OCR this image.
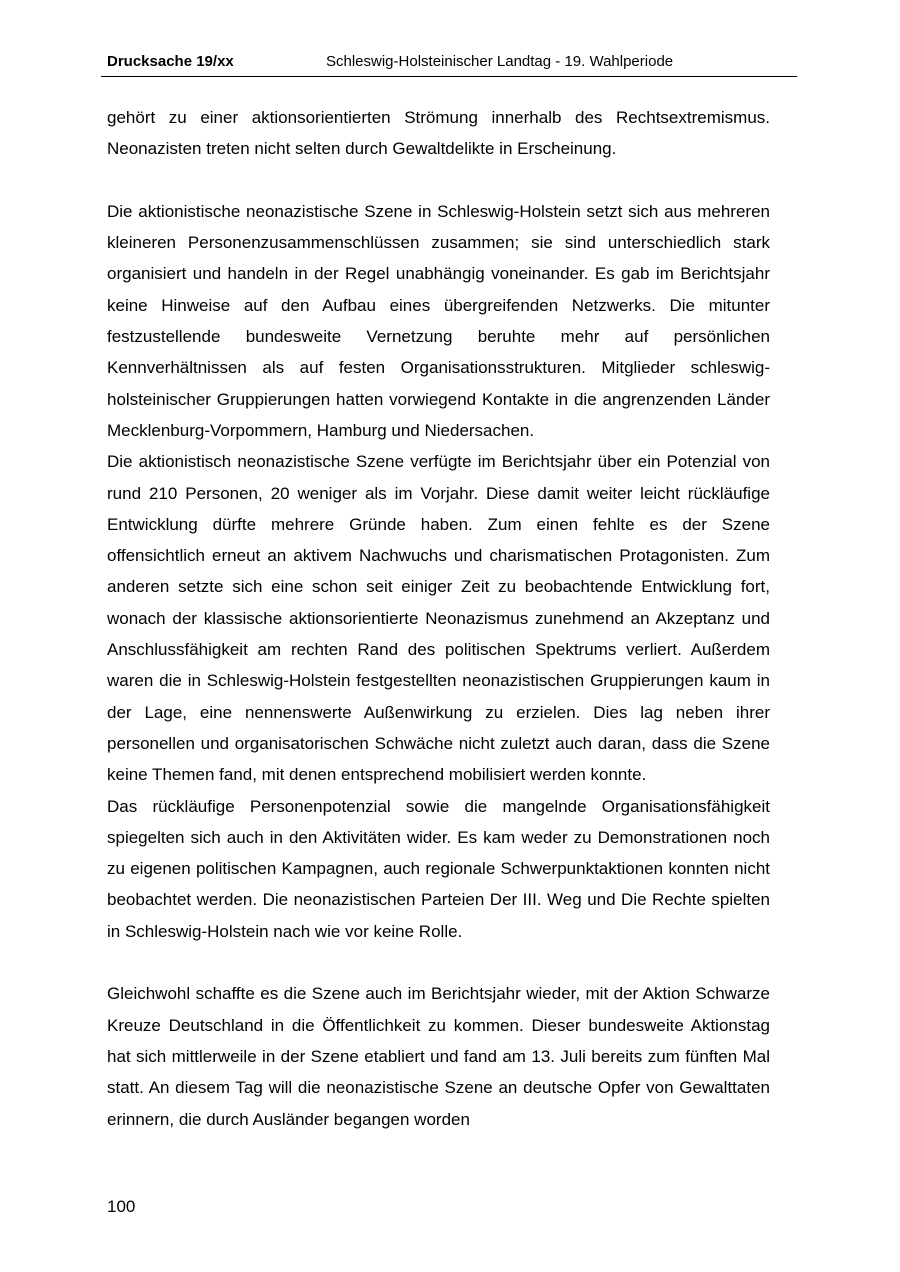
Drucksache 19/xx	Schleswig-Holsteinischer Landtag - 19. Wahlperiode

gehört zu einer aktionsorientierten Strömung innerhalb des Rechtsextremismus. Neonazisten treten nicht selten durch Gewaltdelikte in Erscheinung.

Die aktionistische neonazistische Szene in Schleswig-Holstein setzt sich aus mehreren kleineren Personenzusammenschlüssen zusammen; sie sind unterschiedlich stark organisiert und handeln in der Regel unabhängig voneinander. Es gab im Berichtsjahr keine Hinweise auf den Aufbau eines übergreifenden Netzwerks. Die mitunter festzustellende bundesweite Vernetzung beruhte mehr auf persönlichen Kennverhältnissen als auf festen Organisationsstrukturen. Mitglieder schleswig-holsteinischer Gruppierungen hatten vorwiegend Kontakte in die angrenzenden Länder Mecklenburg-Vorpommern, Hamburg und Niedersachen.

Die aktionistisch neonazistische Szene verfügte im Berichtsjahr über ein Potenzial von rund 210 Personen, 20 weniger als im Vorjahr. Diese damit weiter leicht rückläufige Entwicklung dürfte mehrere Gründe haben. Zum einen fehlte es der Szene offensichtlich erneut an aktivem Nachwuchs und charismatischen Protagonisten. Zum anderen setzte sich eine schon seit einiger Zeit zu beobachtende Entwicklung fort, wonach der klassische aktionsorientierte Neonazismus zunehmend an Akzeptanz und Anschlussfähigkeit am rechten Rand des politischen Spektrums verliert. Außerdem waren die in Schleswig-Holstein festgestellten neonazistischen Gruppierungen kaum in der Lage, eine nennenswerte Außenwirkung zu erzielen. Dies lag neben ihrer personellen und organisatorischen Schwäche nicht zuletzt auch daran, dass die Szene keine Themen fand, mit denen entsprechend mobilisiert werden konnte.

Das rückläufige Personenpotenzial sowie die mangelnde Organisationsfähigkeit spiegelten sich auch in den Aktivitäten wider. Es kam weder zu Demonstrationen noch zu eigenen politischen Kampagnen, auch regionale Schwerpunktaktionen konnten nicht beobachtet werden. Die neonazistischen Parteien Der III. Weg und Die Rechte spielten in Schleswig-Holstein nach wie vor keine Rolle.

Gleichwohl schaffte es die Szene auch im Berichtsjahr wieder, mit der Aktion Schwarze Kreuze Deutschland in die Öffentlichkeit zu kommen. Dieser bundesweite Aktionstag hat sich mittlerweile in der Szene etabliert und fand am 13. Juli bereits zum fünften Mal statt. An diesem Tag will die neonazistische Szene an deutsche Opfer von Gewalttaten erinnern, die durch Ausländer begangen worden

100
